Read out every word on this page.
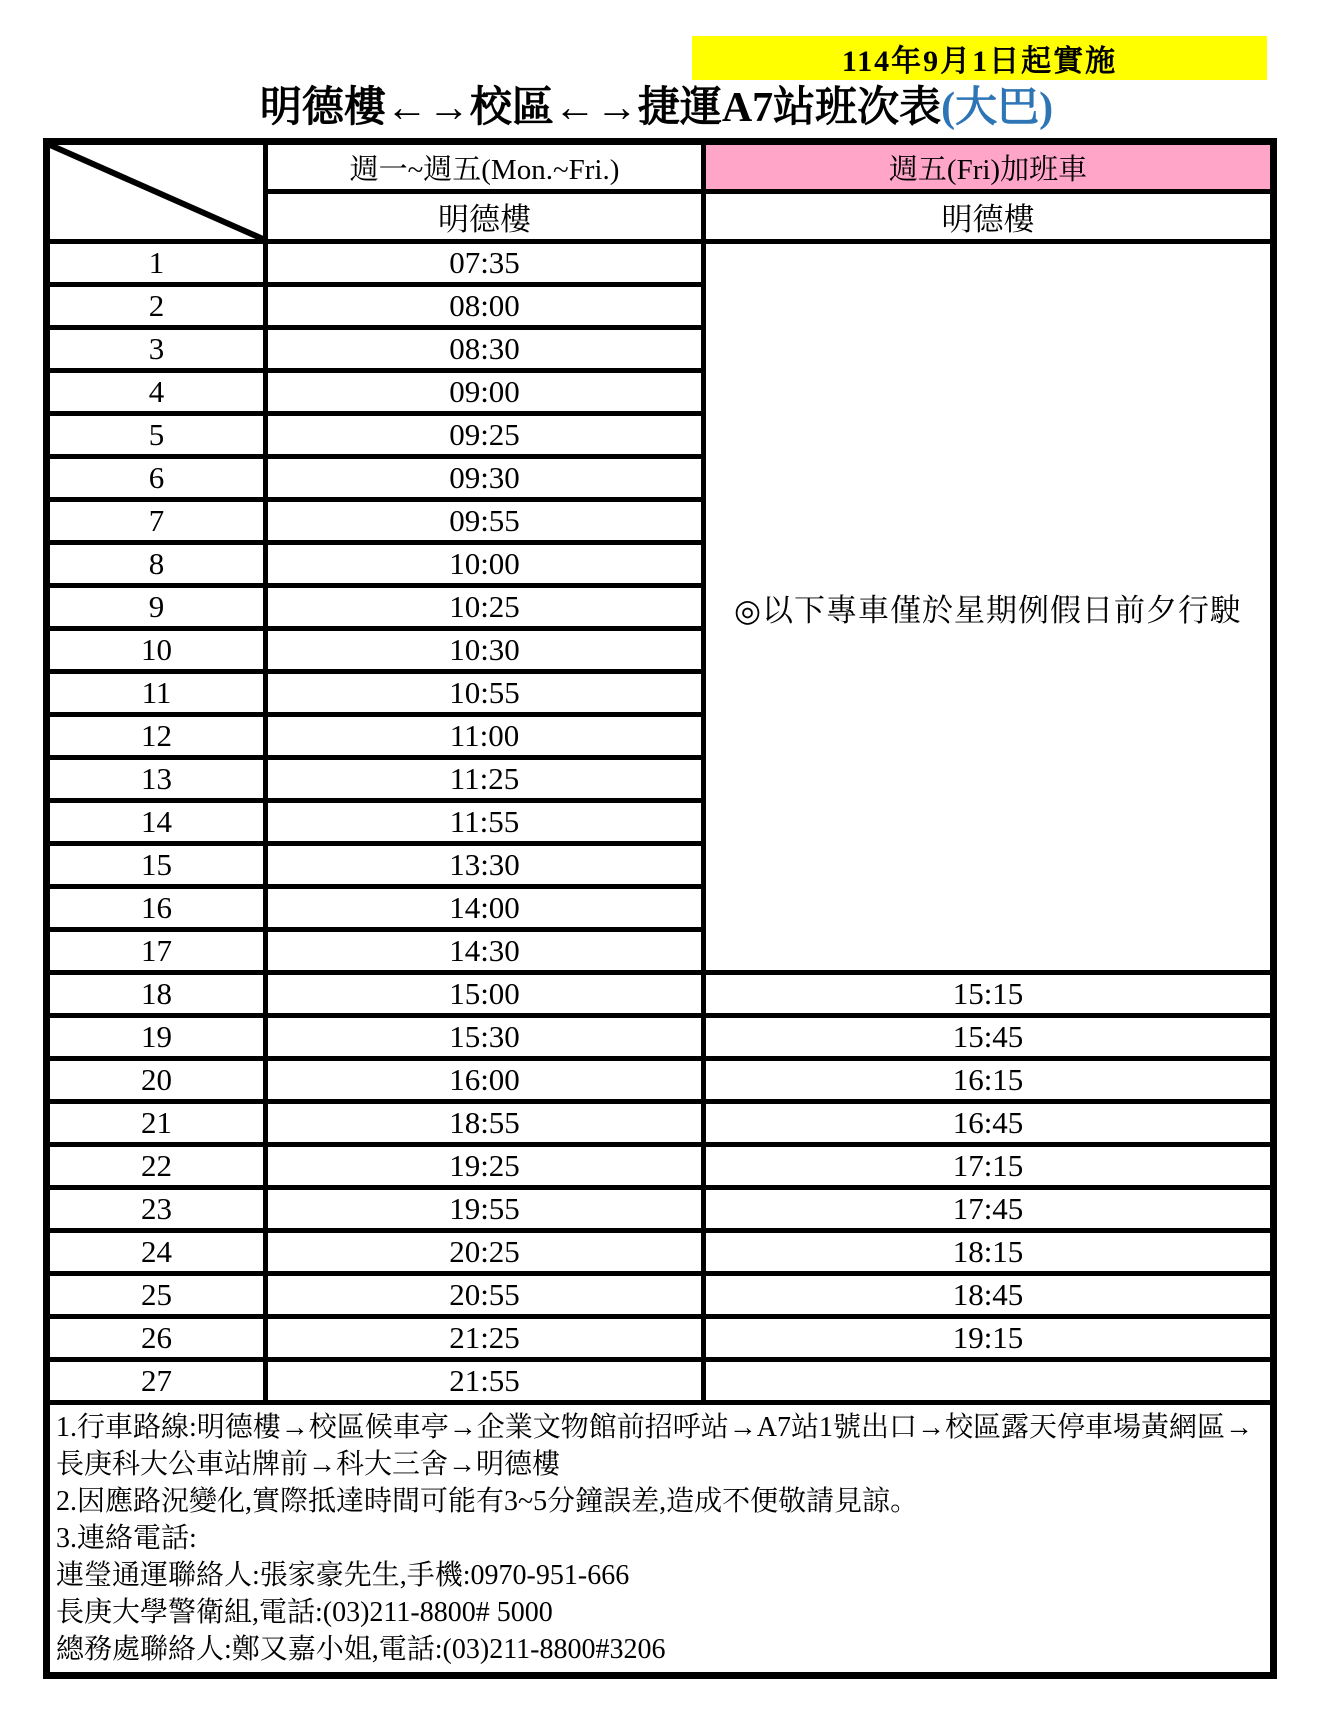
114年9月1日起實施
明德樓←→校區←→捷運A7站班次表(大巴)
	週一~週五(Mon.~Fri.)	週五(Fri)加班車
	明德樓	明德樓
1	07:35	◎以下專車僅於星期例假日前夕行駛
2	08:00	
3	08:30	
4	09:00	
5	09:25	
6	09:30	
7	09:55	
8	10:00	
9	10:25	
10	10:30	
11	10:55	
12	11:00	
13	11:25	
14	11:55	
15	13:30	
16	14:00	
17	14:30	
18	15:00	15:15
19	15:30	15:45
20	16:00	16:15
21	18:55	16:45
22	19:25	17:15
23	19:55	17:45
24	20:25	18:15
25	20:55	18:45
26	21:25	19:15
27	21:55	

1.行車路線:明德樓→校區候車亭→企業文物館前招呼站→A7站1號出口→校區露天停車場黃網區→
長庚科大公車站牌前→科大三舍→明德樓
2.因應路況變化,實際抵達時間可能有3~5分鐘誤差,造成不便敬請見諒。
3.連絡電話:
連瑩通運聯絡人:張家豪先生,手機:0970-951-666
長庚大學警衛組,電話:(03)211-8800# 5000
總務處聯絡人:鄭又嘉小姐,電話:(03)211-8800#3206
